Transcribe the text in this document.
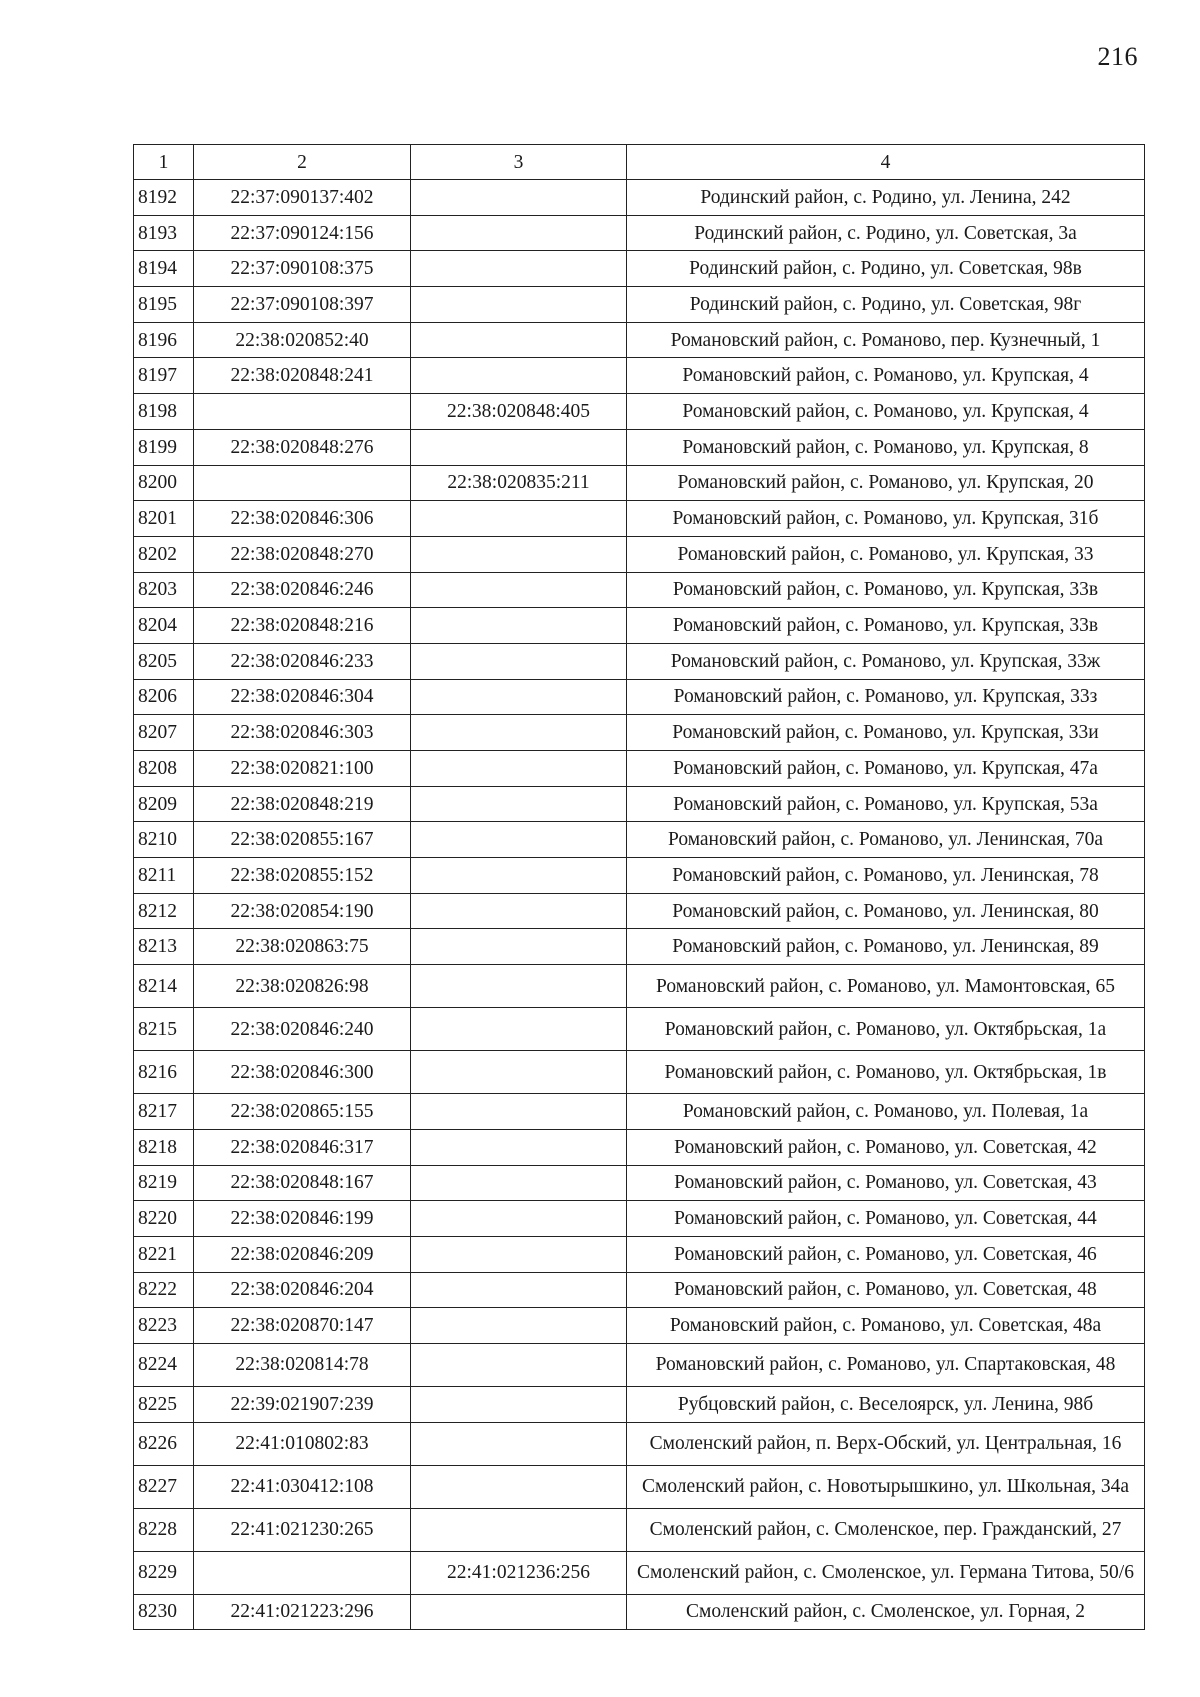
216
1	2	3	4
8192	22:37:090137:402		Родинский район, с. Родино, ул. Ленина, 242
8193	22:37:090124:156		Родинский район, с. Родино, ул. Советская, 3а
8194	22:37:090108:375		Родинский район, с. Родино, ул. Советская, 98в
8195	22:37:090108:397		Родинский район, с. Родино, ул. Советская, 98г
8196	22:38:020852:40		Романовский район, с. Романово, пер. Кузнечный, 1
8197	22:38:020848:241		Романовский район, с. Романово, ул. Крупская, 4
8198		22:38:020848:405	Романовский район, с. Романово, ул. Крупская, 4
8199	22:38:020848:276		Романовский район, с. Романово, ул. Крупская, 8
8200		22:38:020835:211	Романовский район, с. Романово, ул. Крупская, 20
8201	22:38:020846:306		Романовский район, с. Романово, ул. Крупская, 31б
8202	22:38:020848:270		Романовский район, с. Романово, ул. Крупская, 33
8203	22:38:020846:246		Романовский район, с. Романово, ул. Крупская, 33в
8204	22:38:020848:216		Романовский район, с. Романово, ул. Крупская, 33в
8205	22:38:020846:233		Романовский район, с. Романово, ул. Крупская, 33ж
8206	22:38:020846:304		Романовский район, с. Романово, ул. Крупская, 33з
8207	22:38:020846:303		Романовский район, с. Романово, ул. Крупская, 33и
8208	22:38:020821:100		Романовский район, с. Романово, ул. Крупская, 47а
8209	22:38:020848:219		Романовский район, с. Романово, ул. Крупская, 53а
8210	22:38:020855:167		Романовский район, с. Романово, ул. Ленинская, 70а
8211	22:38:020855:152		Романовский район, с. Романово, ул. Ленинская, 78
8212	22:38:020854:190		Романовский район, с. Романово, ул. Ленинская, 80
8213	22:38:020863:75		Романовский район, с. Романово, ул. Ленинская, 89
8214	22:38:020826:98		Романовский район, с. Романово, ул. Мамонтовская, 65
8215	22:38:020846:240		Романовский район, с. Романово, ул. Октябрьская, 1а
8216	22:38:020846:300		Романовский район, с. Романово, ул. Октябрьская, 1в
8217	22:38:020865:155		Романовский район, с. Романово, ул. Полевая, 1а
8218	22:38:020846:317		Романовский район, с. Романово, ул. Советская, 42
8219	22:38:020848:167		Романовский район, с. Романово, ул. Советская, 43
8220	22:38:020846:199		Романовский район, с. Романово, ул. Советская, 44
8221	22:38:020846:209		Романовский район, с. Романово, ул. Советская, 46
8222	22:38:020846:204		Романовский район, с. Романово, ул. Советская, 48
8223	22:38:020870:147		Романовский район, с. Романово, ул. Советская, 48а
8224	22:38:020814:78		Романовский район, с. Романово, ул. Спартаковская, 48
8225	22:39:021907:239		Рубцовский район, с. Веселоярск, ул. Ленина, 98б
8226	22:41:010802:83		Смоленский район, п. Верх-Обский, ул. Центральная, 16
8227	22:41:030412:108		Смоленский район, с. Новотырышкино, ул. Школьная, 34а
8228	22:41:021230:265		Смоленский район, с. Смоленское, пер. Гражданский, 27
8229		22:41:021236:256	Смоленский район, с. Смоленское, ул. Германа Титова, 50/6
8230	22:41:021223:296		Смоленский район, с. Смоленское, ул. Горная, 2
